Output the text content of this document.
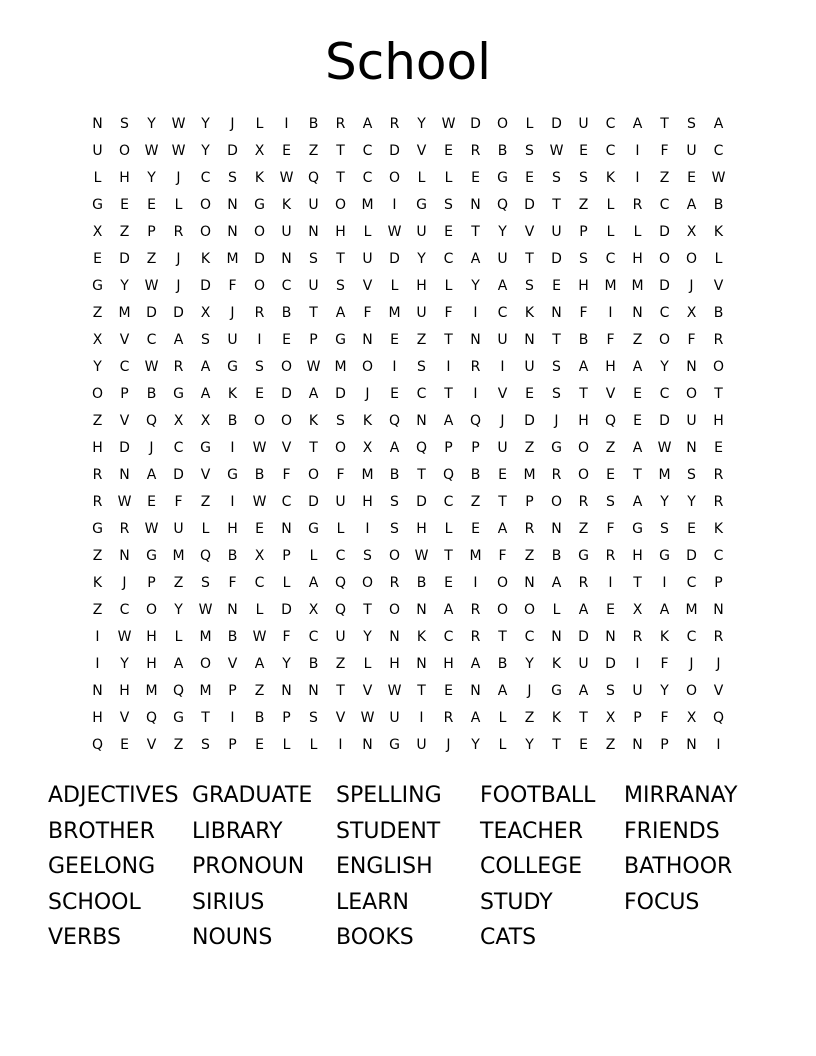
School
N	S	Y	W	Y	J	L	I	B	R	A	R	Y	W	D	O	L	D	U	C	A	T	S	A
U	O	W W	Y	D	X	E	Z	T	C	D	V	E	R	B	S	W	E	C	I	F	U	C
L	H	Y	J	C	S	K	W	Q	T	C	O	L	L	E	G	E	S	S	K	I	Z	E	W
G	E	E	L	O	N	G	K	U	O	M	I	G	S	N	Q	D	T	Z	L	R	C	A	B
X	Z	P	R	O	N	O	U	N	H	L	W	U	E	T	Y	V	U	P	L	L	D	X	K
E	D	Z	J	K	M	D	N	S	T	U	D	Y	C	A	U	T	D	S	C	H	O	O	L
G	Y	W	J	D	F	O	C	U	S	V	L	H	L	Y	A	S	E	H	M	M	D	J	V
Z	M	D	D	X	J	R	B	T	A	F	M	U	F	I	C	K	N	F	I	N	C	X	B
X	V	C	A	S	U	I	E	P	G	N	E	Z	T	N	U	N	T	B	F	Z	O	F	R
Y	C	W	R	A	G	S	O	W	M	O	I	S	I	R	I	U	S	A	H	A	Y	N	O
O	P	B	G	A	K	E	D	A	D	J	E	C	T	I	V	E	S	T	V	E	C	O	T
Z	V	Q	X	X	B	O	O	K	S	K	Q	N	A	Q	J	D	J	H	Q	E	D	U	H
H	D	J	C	G	I	W	V	T	O	X	A	Q	P	P	U	Z	G	O	Z	A	W	N	E
R	N	A	D	V	G	B	F	O	F	M	B	T	Q	B	E	M	R	O	E	T	M	S	R
R	W	E	F	Z	I	W	C	D	U	H	S	D	C	Z	T	P	O	R	S	A	Y	Y	R
G	R	W	U	L	H	E	N	G	L	I	S	H	L	E	A	R	N	Z	F	G	S	E	K
Z	N	G	M	Q	B	X	P	L	C	S	O	W	T	M	F	Z	B	G	R	H	G	D	C
K	J	P	Z	S	F	C	L	A	Q	O	R	B	E	I	O	N	A	R	I	T	I	C	P
Z	C	O	Y	W	N	L	D	X	Q	T	O	N	A	R	O	O	L	A	E	X	A	M	N
I	W	H	L	M	B	W	F	C	U	Y	N	K	C	R	T	C	N	D	N	R	K	C	R
I	Y	H	A	O	V	A	Y	B	Z	L	H	N	H	A	B	Y	K	U	D	I	F	J	J
N	H	M	Q	M	P	Z	N	N	T	V	W	T	E	N	A	J	G	A	S	U	Y	O	V
H	V	Q	G	T	I	B	P	S	V	W	U	I	R	A	L	Z	K	T	X	P	F	X	Q
Q	E	V	Z	S	P	E	L	L	I	N	G	U	J	Y	L	Y	T	E	Z	N	P	N	I
ADJECTIVES GRADUATE	SPELLING	FOOTBALL	MIRRANAY
BROTHER	LIBRARY	STUDENT	TEACHER	FRIENDS
GEELONG	PRONOUN	ENGLISH	COLLEGE	BATHOOR
SCHOOL	SIRIUS	LEARN	STUDY	FOCUS
VERBS	NOUNS	BOOKS	CATS
